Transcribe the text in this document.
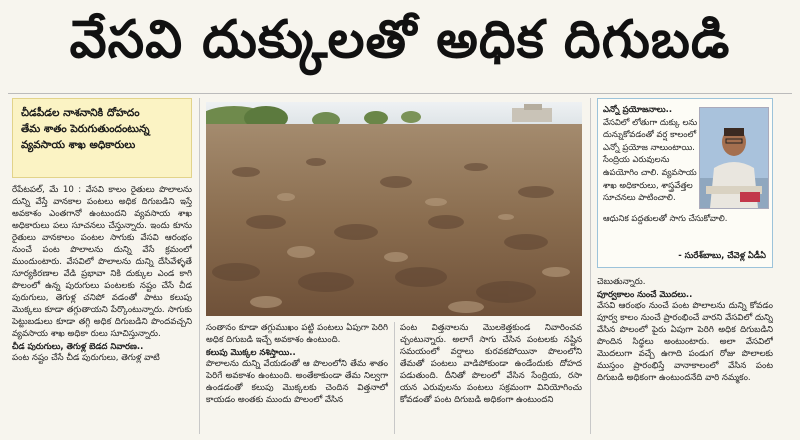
వేసవి దుక్కులతో అధిక దిగుబడి
చీడపీడల నాశనానికి దోహదం
తేమ శాతం పెరుగుతుందంటున్న
వ్యవసాయ శాఖ అధికారులు

రేపేటపల్, మే 10 : వేసవి కాలం రైతులు పొలాలను దున్ని వేస్తే వానకాల పంటలు అధిక దిగుబడిని ఇస్తే అవకాశం ఎంతగానో ఉంటుందని వ్యవసాయ శాఖ అధికారులు పలు సూచనలు చేస్తున్నారు. ఇందు కూను రైతులు వానకాలం పంటల సాగుకు వేసవి ఆరంభం నుంచే పంట పొలాలను దున్ని వేసే క్రమంలో ముందుంటారు. వేసవిలో పొలాలను దున్ని దేసివేళ్ళతే సూర్యకిరణాల వేడి ప్రభావా నికి దుక్కుల ఎండ కాగి పొలంలో ఉన్న పురుగులు పంటలకు నష్టం చేసే చీడ పురుగులు, తెగుళ్ల చనిపో వడంతో పాటు కలుపు మొక్కలు కూడా తగ్గుతాయని పేర్కొంటున్నారు. సాగుకు పెట్టుబడులు కూడా తగ్గి అధిక దిగుబడిని పొందవచ్చని వ్యవసాయ శాఖ అధికా రులు సూచిస్తున్నారు.

చీడ పురుగులు, తెగుళ్ల బెడద నివారణ..

పంట నష్టం చేసే చీడ పురుగులు, తెగుళ్ల వాటి

సంతానం కూడా తగ్గుముఖం పట్టి పంటలు ఏపుగా పెరిగి అధిక దిగుబడి ఇచ్చే అవకాశం ఉంటుంది.

కలుపు మొక్కల నశిస్తాయి..

పొలాలను దున్ని వేయడంతో ఆ పొలంలోని తేమ శాతం పెరిగే అవకాశం ఉంటుంది. అంతేకాకుండా తేమ నిల్వగా ఉండడంతో కలుపు మొక్కలకు చెందిన విత్తనాలో కాయడం అంతకు ముందు పొలంలో వేసిన

పంట విత్తనాలను మొలకెత్తకుండ నివారించవ చ్చంటున్నారు. అలాగే సాగు చేసిన పంటలకు నష్టిన సమయంలో వర్షాలు కురవకపోయినా పొలంలోని తేమతో పంటలు వాడిపోకుండా ఉండేందుకు దోహద పడుతుంది. దీనితో పొలంలో వేసిన సేంద్రియ, రసా యన ఎరువులను పంటలు సక్రమంగా వినియోగించు కోవడంతో పంట దిగుబడి అధికంగా ఉంటుందని

ఎన్నో ప్రయోజనాలు..
వేసవిలో లోతుగా దుక్కు లను దున్నుకోవడంతో వర్ష కాలంలో ఎన్నో ప్రయోజ నాలుంటాయి. సేంద్రియ ఎరువులను ఉపయోగిం చాలి. వ్యవసాయ శాఖ అధికారులు, శాస్త్రవేత్తల సూచనలు పాటించాలి.
ఆధునిక పద్దతులతో సాగు చేసుకోవాలి.
- సురేశ్‌బాబు, చేవెళ్ల ఏడీఏ

చెబుతున్నారు.

పూర్వకాలం నుంచే మొదలు..

వేసవి ఆరంభం నుంచే పంట పొలాలను దున్ని కోవడం పూర్వ కాలం నుంచే ప్రారంభించే వారని వేసవిలో దున్ని వేసిన పొలంలో పైరు ఏపుగా పెరిగి అధిక దిగుబడిని పొందిన సిద్ధలు అంటుంటారు. అలా వేసవిలో మొదలుగా వచ్చే ఉగాది పండుగ రోజు పొలాలకు ముస్తంం ప్రారంభిస్తే వానాకాలంలో వేసిన పంట దిగుబడి అధికంగా ఉంటుందనేది వారి నమ్మకం.
